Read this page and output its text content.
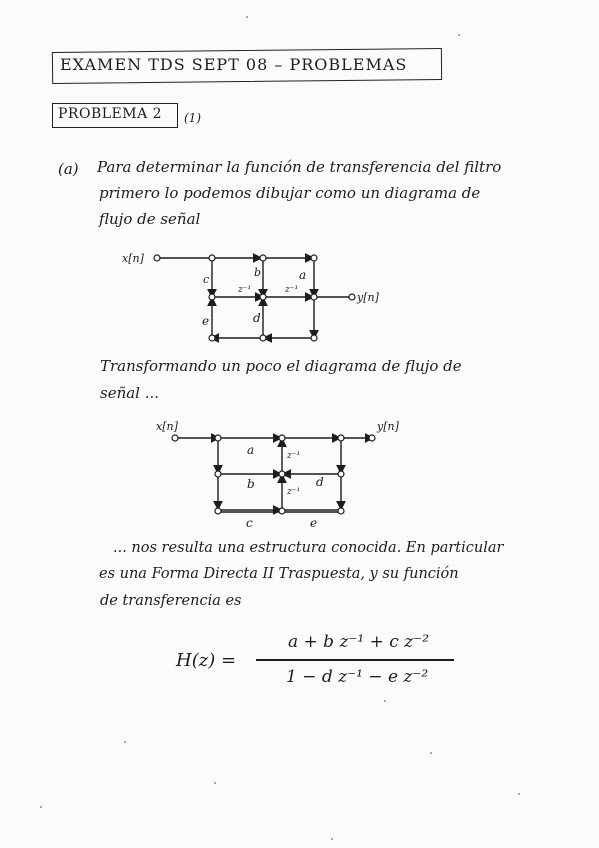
EXAMEN TDS SEPT 08 – PROBLEMAS
PROBLEMA 2 (1)
(a) Para determinar la función de transferencia del filtro
primero lo podemos dibujar como un diagrama de
flujo de señal
x[n]
y[n]
c
b	a
z⁻¹	z⁻¹
e	d
Transformando un poco el diagrama de flujo de
señal ...
x[n]	y[n]
a	z⁻¹
b
z⁻¹
d
c	e
... nos resulta una estructura conocida. En particular
es una Forma Directa II Traspuesta, y su función
de transferencia es
H(z) =
a + b z⁻¹ + c z⁻²
1 − d z⁻¹ − e z⁻²
